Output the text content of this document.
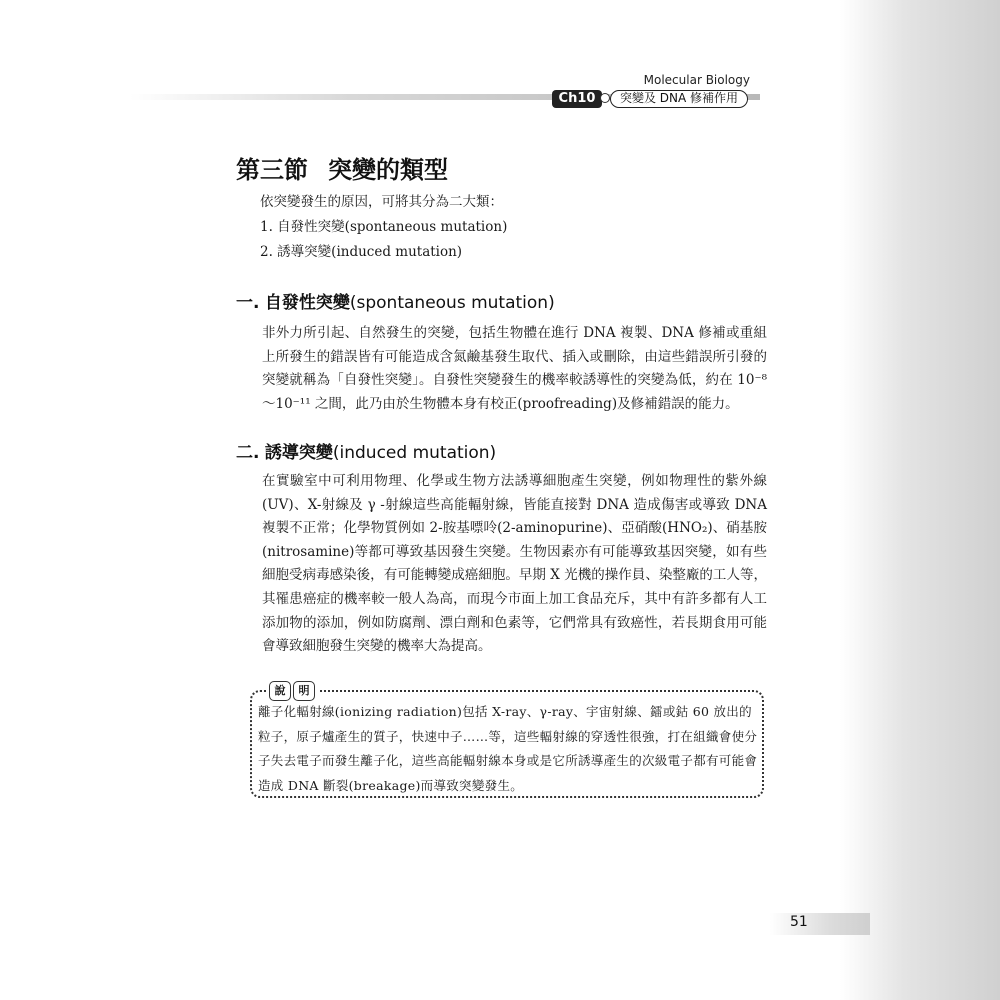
Molecular Biology
Ch10	突變及 DNA 修補作用
第三節 突變的類型
依突變發生的原因，可將其分為二大類：
1. 自發性突變(spontaneous mutation)
2. 誘導突變(induced mutation)
一. 自發性突變(spontaneous mutation)
非外力所引起、自然發生的突變，包括生物體在進行 DNA 複製、DNA 修補或重組上所發生的錯誤皆有可能造成含氮鹼基發生取代、插入或刪除，由這些錯誤所引發的突變就稱為「自發性突變」。自發性突變發生的機率較誘導性的突變為低，約在 10⁻⁸～10⁻¹¹ 之間，此乃由於生物體本身有校正(proofreading)及修補錯誤的能力。
二. 誘導突變(induced mutation)
在實驗室中可利用物理、化學或生物方法誘導細胞產生突變，例如物理性的紫外線(UV)、X-射線及 γ -射線這些高能輻射線，皆能直接對 DNA 造成傷害或導致 DNA 複製不正常；化學物質例如 2-胺基嘌呤(2-aminopurine)、亞硝酸(HNO₂)、硝基胺(nitrosamine)等都可導致基因發生突變。生物因素亦有可能導致基因突變，如有些細胞受病毒感染後，有可能轉變成癌細胞。早期 X 光機的操作員、染整廠的工人等，其罹患癌症的機率較一般人為高，而現今市面上加工食品充斥，其中有許多都有人工添加物的添加，例如防腐劑、漂白劑和色素等，它們常具有致癌性，若長期食用可能會導致細胞發生突變的機率大為提高。
說	明
離子化輻射線(ionizing radiation)包括 X-ray、γ-ray、宇宙射線、鐳或鈷 60 放出的粒子，原子爐產生的質子，快速中子……等，這些輻射線的穿透性很強，打在組織會使分子失去電子而發生離子化，這些高能輻射線本身或是它所誘導產生的次級電子都有可能會造成 DNA 斷裂(breakage)而導致突變發生。
51
